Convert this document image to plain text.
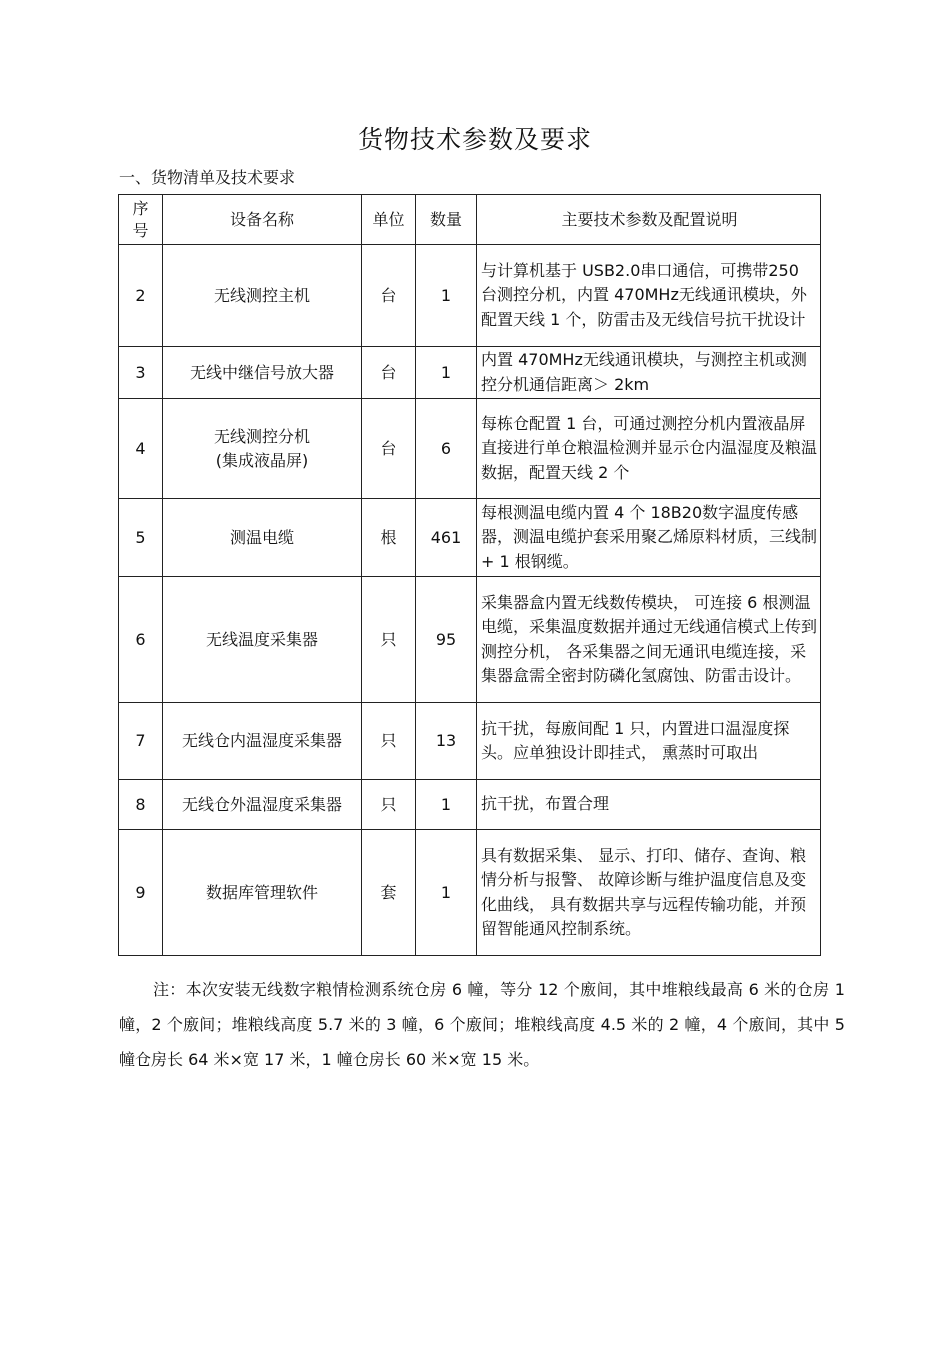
货物技术参数及要求
一、货物清单及技术要求
序号	设备名称	单位	数量	主要技术参数及配置说明
2	无线测控主机	台	1	与计算机基于 USB2.0串口通信，可携带250 台测控分机，内置 470MHz无线通讯模块，外配置天线 1 个，防雷击及无线信号抗干扰设计
3	无线中继信号放大器	台	1	内置 470MHz无线通讯模块，与测控主机或测控分机通信距离＞ 2km
4	无线测控分机(集成液晶屏)	台	6	每栋仓配置 1 台，可通过测控分机内置液晶屏直接进行单仓粮温检测并显示仓内温湿度及粮温数据，配置天线 2 个
5	测温电缆	根	461	每根测温电缆内置 4 个 18B20数字温度传感器，测温电缆护套采用聚乙烯原料材质，三线制 + 1 根钢缆。
6	无线温度采集器	只	95	采集器盒内置无线数传模块， 可连接 6 根测温电缆，采集温度数据并通过无线通信模式上传到测控分机， 各采集器之间无通讯电缆连接，采集器盒需全密封防磷化氢腐蚀、防雷击设计。
7	无线仓内温湿度采集器	只	13	抗干扰，每廒间配 1 只，内置进口温湿度探头。应单独设计即挂式， 熏蒸时可取出
8	无线仓外温湿度采集器	只	1	抗干扰，布置合理
9	数据库管理软件	套	1	具有数据采集、 显示、打印、储存、查询、粮情分析与报警、 故障诊断与维护温度信息及变化曲线， 具有数据共享与远程传输功能，并预留智能通风控制系统。
注：本次安装无线数字粮情检测系统仓房 6 幢，等分 12 个廒间，其中堆粮线最高 6 米的仓房 1 幢，2 个廒间；堆粮线高度 5.7 米的 3 幢，6 个廒间；堆粮线高度 4.5 米的 2 幢，4 个廒间，其中 5 幢仓房长 64 米×宽 17 米，1 幢仓房长 60 米×宽 15 米。
